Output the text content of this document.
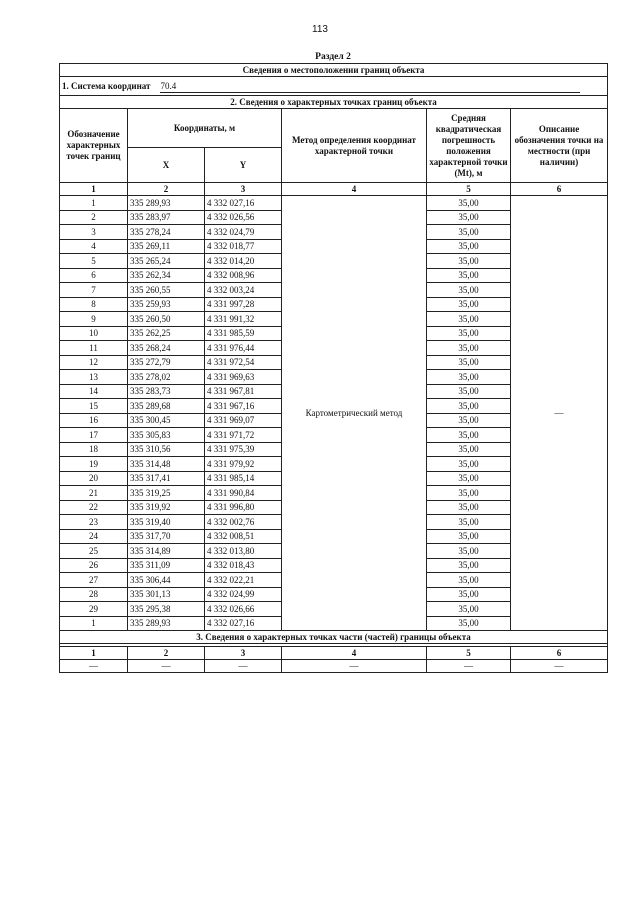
113
Раздел 2
Сведения о местоположении границ объекта					
1. Система координат 70.4					
2. Сведения о характерных точках границ объекта					
Обозначение характерных точек границ	Координаты, м		Метод определения координат характерной точки	Средняя квадратическая погрешность положения характерной точки (Mt), м	Описание обозначения точки на местности (при наличии)
	X	Y			
1	2	3	4	5	6
1	335 289,93	4 332 027,16	Картометрический метод	35,00	—
2	335 283,97	4 332 026,56		35,00	
3	335 278,24	4 332 024,79		35,00	
4	335 269,11	4 332 018,77		35,00	
5	335 265,24	4 332 014,20		35,00	
6	335 262,34	4 332 008,96		35,00	
7	335 260,55	4 332 003,24		35,00	
8	335 259,93	4 331 997,28		35,00	
9	335 260,50	4 331 991,32		35,00	
10	335 262,25	4 331 985,59		35,00	
11	335 268,24	4 331 976,44		35,00	
12	335 272,79	4 331 972,54		35,00	
13	335 278,02	4 331 969,63		35,00	
14	335 283,73	4 331 967,81		35,00	
15	335 289,68	4 331 967,16		35,00	
16	335 300,45	4 331 969,07		35,00	
17	335 305,83	4 331 971,72		35,00	
18	335 310,56	4 331 975,39		35,00	
19	335 314,48	4 331 979,92		35,00	
20	335 317,41	4 331 985,14		35,00	
21	335 319,25	4 331 990,84		35,00	
22	335 319,92	4 331 996,80		35,00	
23	335 319,40	4 332 002,76		35,00	
24	335 317,70	4 332 008,51		35,00	
25	335 314,89	4 332 013,80		35,00	
26	335 311,09	4 332 018,43		35,00	
27	335 306,44	4 332 022,21		35,00	
28	335 301,13	4 332 024,99		35,00	
29	335 295,38	4 332 026,66		35,00	
1	335 289,93	4 332 027,16		35,00	
3. Сведения о характерных точках части (частей) границы объекта					

1	2	3	4	5	6
—	—	—	—	—	—
